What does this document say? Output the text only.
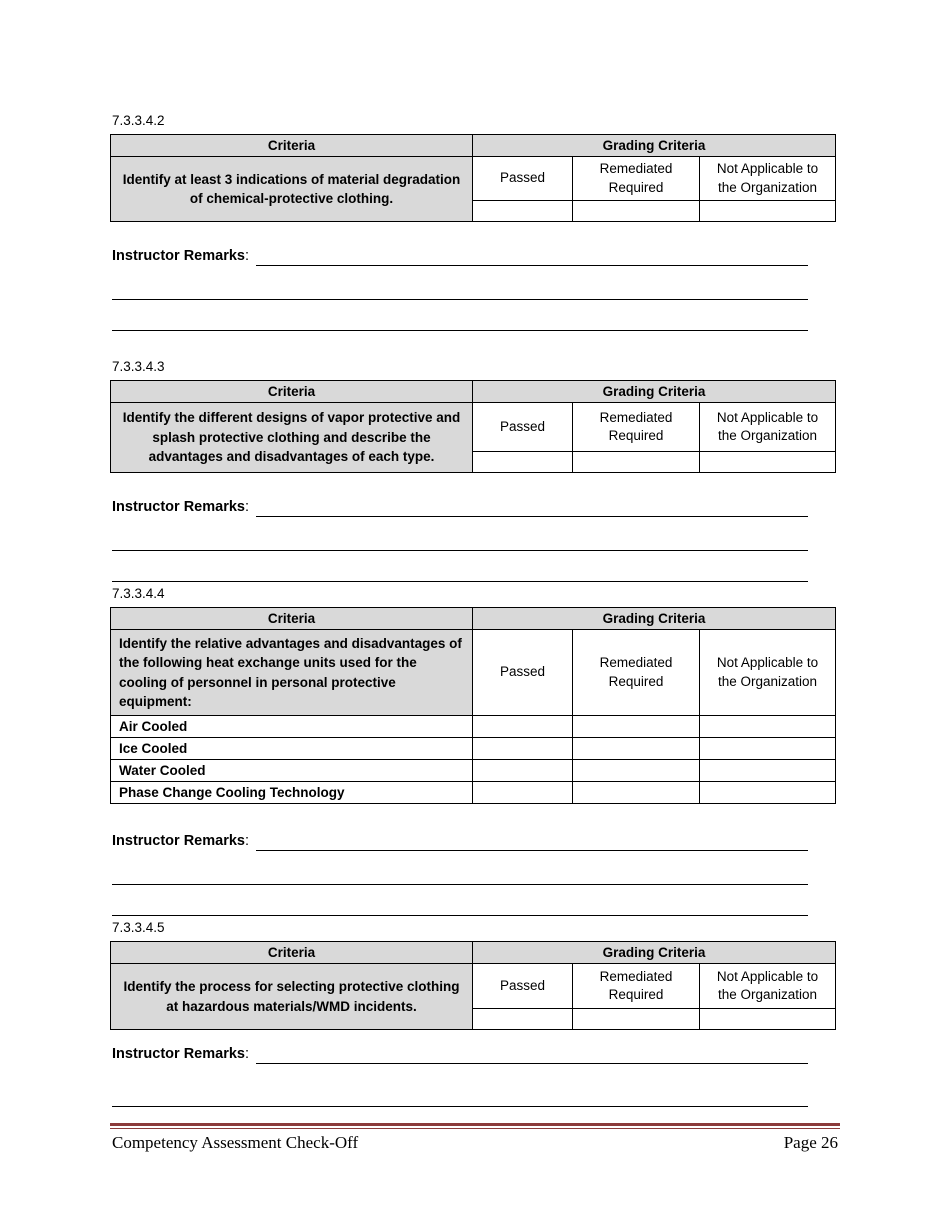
7.3.3.4.2
Criteria	Grading Criteria		
Identify at least 3 indications of material degradation of chemical-protective clothing.	Passed	Remediated Required	Not Applicable to the Organization

Instructor Remarks:
7.3.3.4.3
Criteria	Grading Criteria		
Identify the different designs of vapor protective and splash protective clothing and describe the advantages and disadvantages of each type.	Passed	Remediated Required	Not Applicable to the Organization

Instructor Remarks:
7.3.3.4.4
Criteria	Grading Criteria		
Identify the relative advantages and disadvantages of the following heat exchange units used for the cooling of personnel in personal protective equipment:	Passed	Remediated Required	Not Applicable to the Organization
Air Cooled			
Ice Cooled			
Water Cooled			
Phase Change Cooling Technology			
Instructor Remarks:
7.3.3.4.5
Criteria	Grading Criteria		
Identify the process for selecting protective clothing at hazardous materials/WMD incidents.	Passed	Remediated Required	Not Applicable to the Organization

Instructor Remarks:
Competency Assessment Check-Off	Page 26
